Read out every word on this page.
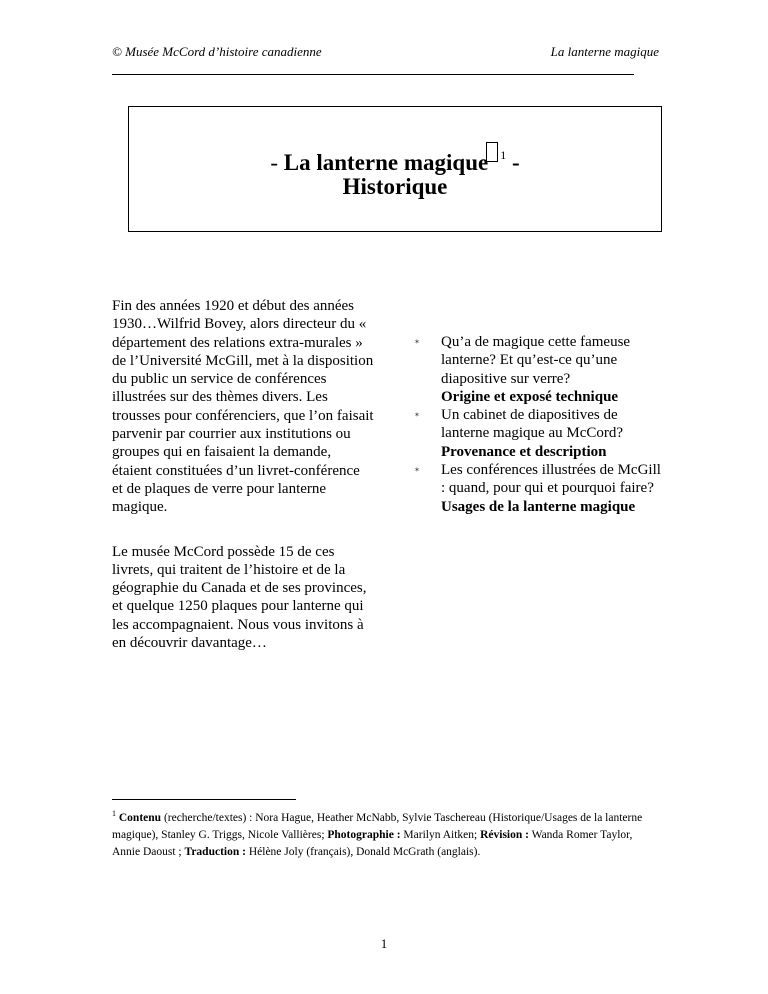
© Musée McCord d’histoire canadienne	La lanterne magique
- La lanterne magique $^1$ -
Historique

Fin des années 1920 et début des années 1930…Wilfrid Bovey, alors directeur du « département des relations extra-murales » de l’Université McGill, met à la disposition du public un service de conférences illustrées sur des thèmes divers. Les trousses pour conférenciers, que l’on faisait parvenir par courrier aux institutions ou groupes qui en faisaient la demande, étaient constituées d’un livret-conférence et de plaques de verre pour lanterne magique.

Le musée McCord possède 15 de ces livrets, qui traitent de l’histoire et de la géographie du Canada et de ses provinces, et quelque 1250 plaques pour lanterne qui les accompagnaient. Nous vous invitons à en découvrir davantage…

✶ Qu’a de magique cette fameuse lanterne? Et qu’est-ce qu’une diapositive sur verre?
Origine et exposé technique
✶ Un cabinet de diapositives de lanterne magique au McCord?
Provenance et description
✶ Les conférences illustrées de McGill : quand, pour qui et pourquoi faire?
Usages de la lanterne magique
$^1$ Contenu (recherche/textes) : Nora Hague, Heather McNabb, Sylvie Taschereau (Historique/Usages de la lanterne magique), Stanley G. Triggs, Nicole Vallières; Photographie : Marilyn Aitken; Révision : Wanda Romer Taylor, Annie Daoust ; Traduction : Hélène Joly (français), Donald McGrath (anglais).
1
